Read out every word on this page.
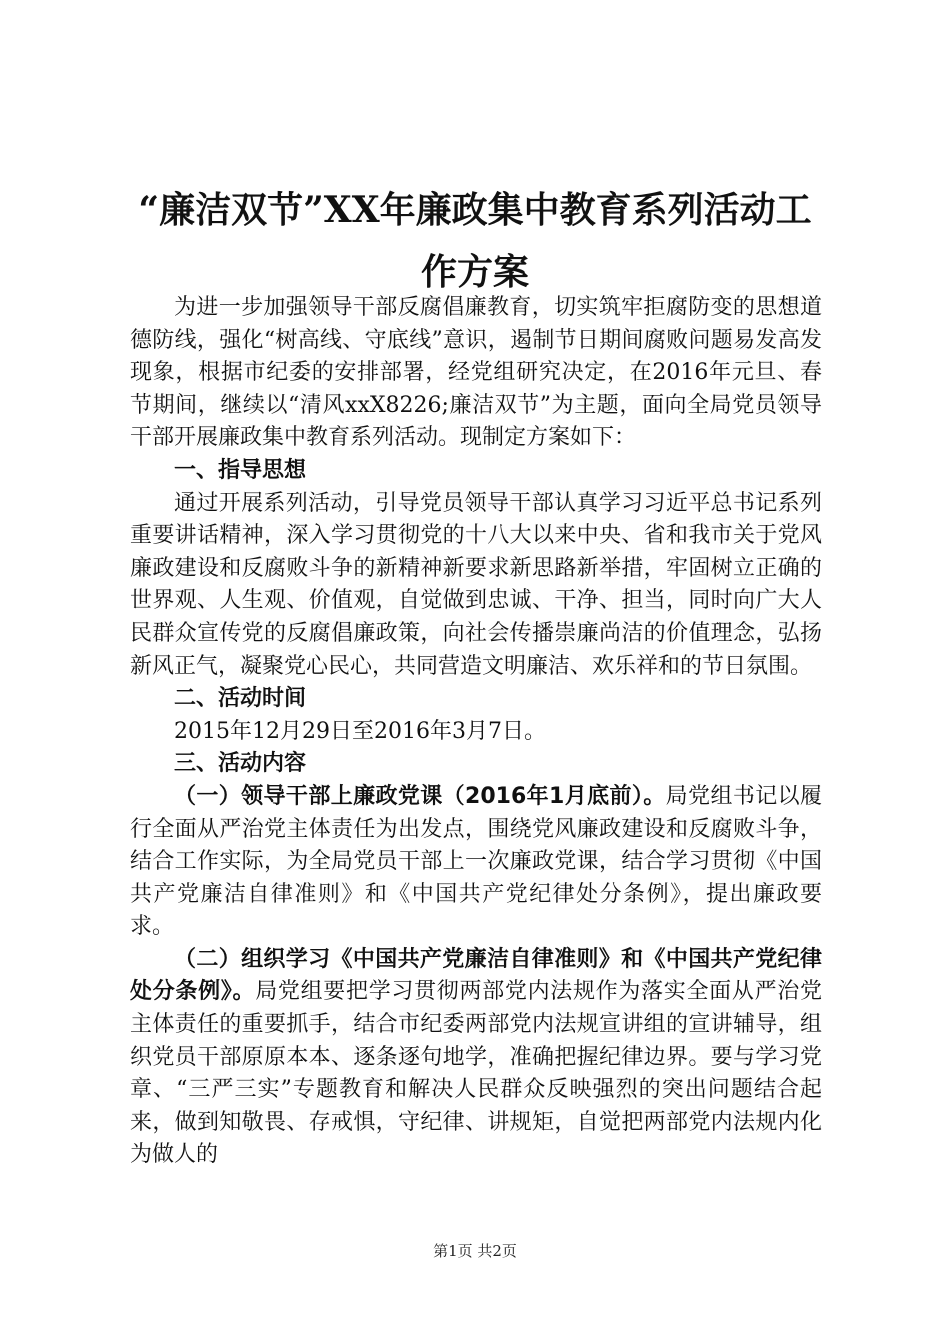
“廉洁双节”XX年廉政集中教育系列活动工
作方案

为进一步加强领导干部反腐倡廉教育，切实筑牢拒腐防变的思想道德防线，强化“树高线、守底线”意识，遏制节日期间腐败问题易发高发现象，根据市纪委的安排部署，经党组研究决定，在2016年元旦、春节期间，继续以“清风xxX8226;廉洁双节”为主题，面向全局党员领导干部开展廉政集中教育系列活动。现制定方案如下：

一、指导思想

通过开展系列活动，引导党员领导干部认真学习习近平总书记系列重要讲话精神，深入学习贯彻党的十八大以来中央、省和我市关于党风廉政建设和反腐败斗争的新精神新要求新思路新举措，牢固树立正确的世界观、人生观、价值观，自觉做到忠诚、干净、担当，同时向广大人民群众宣传党的反腐倡廉政策，向社会传播崇廉尚洁的价值理念，弘扬新风正气，凝聚党心民心，共同营造文明廉洁、欢乐祥和的节日氛围。

二、活动时间

2015年12月29日至2016年3月7日。

三、活动内容

（一）领导干部上廉政党课（2016年1月底前）。局党组书记以履行全面从严治党主体责任为出发点，围绕党风廉政建设和反腐败斗争，结合工作实际，为全局党员干部上一次廉政党课，结合学习贯彻《中国共产党廉洁自律准则》和《中国共产党纪律处分条例》，提出廉政要求。

（二）组织学习《中国共产党廉洁自律准则》和《中国共产党纪律处分条例》。局党组要把学习贯彻两部党内法规作为落实全面从严治党主体责任的重要抓手，结合市纪委两部党内法规宣讲组的宣讲辅导，组织党员干部原原本本、逐条逐句地学，准确把握纪律边界。要与学习党章、“三严三实”专题教育和解决人民群众反映强烈的突出问题结合起来，做到知敬畏、存戒惧，守纪律、讲规矩，自觉把两部党内法规内化为做人的

第1页 共2页
